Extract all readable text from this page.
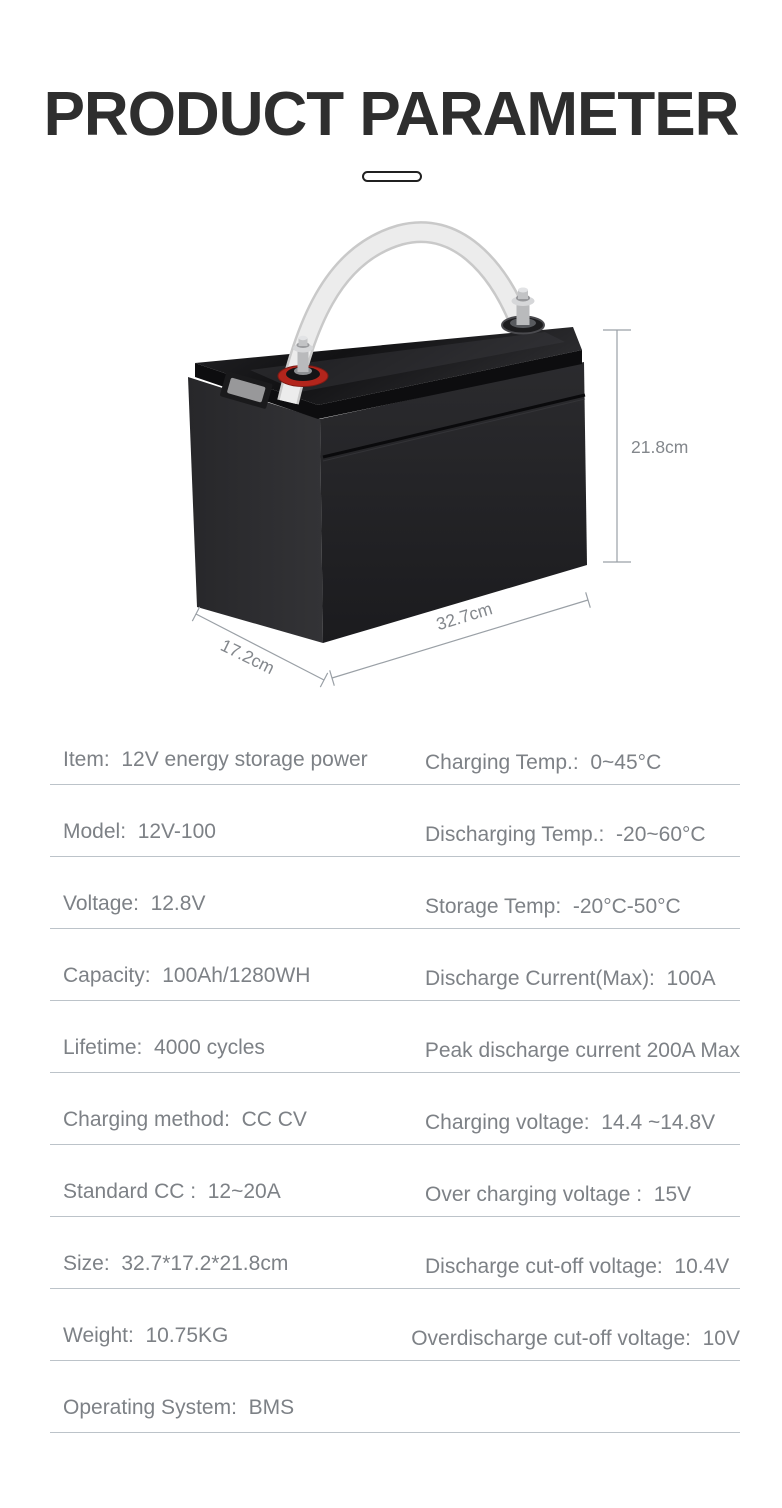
PRODUCT PARAMETER
21.8cm
32.7cm
17.2cm
Item:  12V energy storage power	Charging Temp.:  0~45°C
Model:  12V-100	Discharging Temp.:  -20~60°C
Voltage:  12.8V	Storage Temp:  -20°C-50°C
Capacity:  100Ah/1280WH	Discharge Current(Max):  100A
Lifetime:  4000 cycles	Peak discharge current 200A Max
Charging method:  CC CV	Charging voltage:  14.4 ~14.8V
Standard CC :  12~20A	Over charging voltage :  15V
Size:  32.7*17.2*21.8cm	Discharge cut-off voltage:  10.4V
Weight:  10.75KG	Overdischarge cut-off voltage:  10V
Operating System:  BMS
